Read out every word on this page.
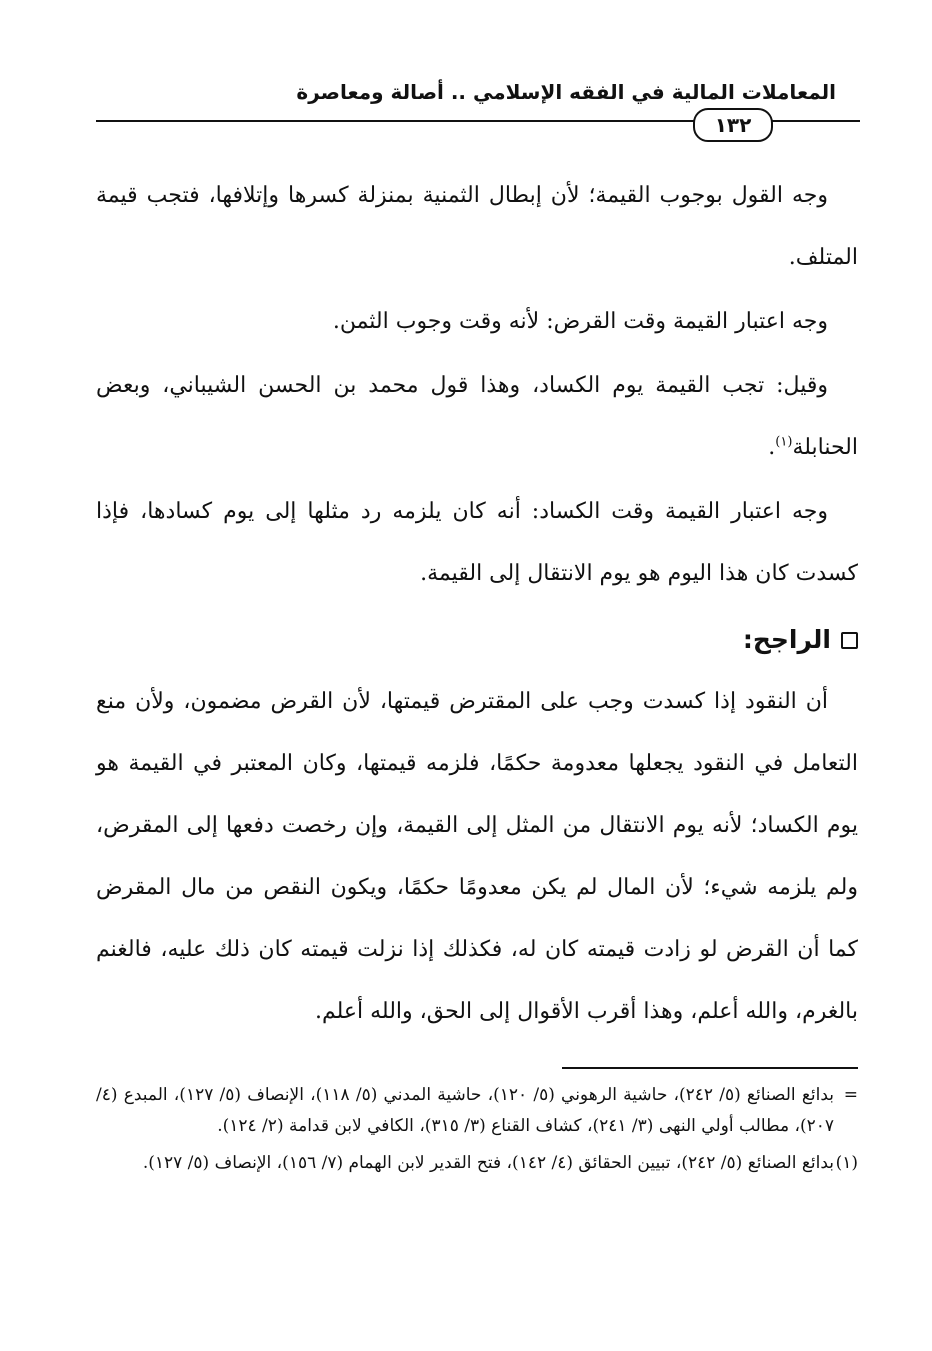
المعاملات المالية في الفقه الإسلامي .. أصالة ومعاصرة
١٣٢

وجه القول بوجوب القيمة؛ لأن إبطال الثمنية بمنزلة كسرها وإتلافها، فتجب قيمة المتلف.

وجه اعتبار القيمة وقت القرض: لأنه وقت وجوب الثمن.

وقيل: تجب القيمة يوم الكساد، وهذا قول محمد بن الحسن الشيباني، وبعض الحنابلة$^{(١)}$.

وجه اعتبار القيمة وقت الكساد: أنه كان يلزمه رد مثلها إلى يوم كسادها، فإذا كسدت كان هذا اليوم هو يوم الانتقال إلى القيمة.

الراجح:

أن النقود إذا كسدت وجب على المقترض قيمتها، لأن القرض مضمون، ولأن منع التعامل في النقود يجعلها معدومة حكمًا، فلزمه قيمتها، وكان المعتبر في القيمة هو يوم الكساد؛ لأنه يوم الانتقال من المثل إلى القيمة، وإن رخصت دفعها إلى المقرض، ولم يلزمه شيء؛ لأن المال لم يكن معدومًا حكمًا، ويكون النقص من مال المقرض كما أن القرض لو زادت قيمته كان له، فكذلك إذا نزلت قيمته كان ذلك عليه، فالغنم بالغرم، والله أعلم، وهذا أقرب الأقوال إلى الحق، والله أعلم.

=
بدائع الصنائع (٥/ ٢٤٢)، حاشية الرهوني (٥/ ١٢٠)، حاشية المدني (٥/ ١١٨)، الإنصاف (٥/ ١٢٧)، المبدع (٤/ ٢٠٧)، مطالب أولي النهى (٣/ ٢٤١)، كشاف القناع (٣/ ٣١٥)، الكافي لابن قدامة (٢/ ١٢٤).

(١)
بدائع الصنائع (٥/ ٢٤٢)، تبيين الحقائق (٤/ ١٤٢)، فتح القدير لابن الهمام (٧/ ١٥٦)، الإنصاف (٥/ ١٢٧).
